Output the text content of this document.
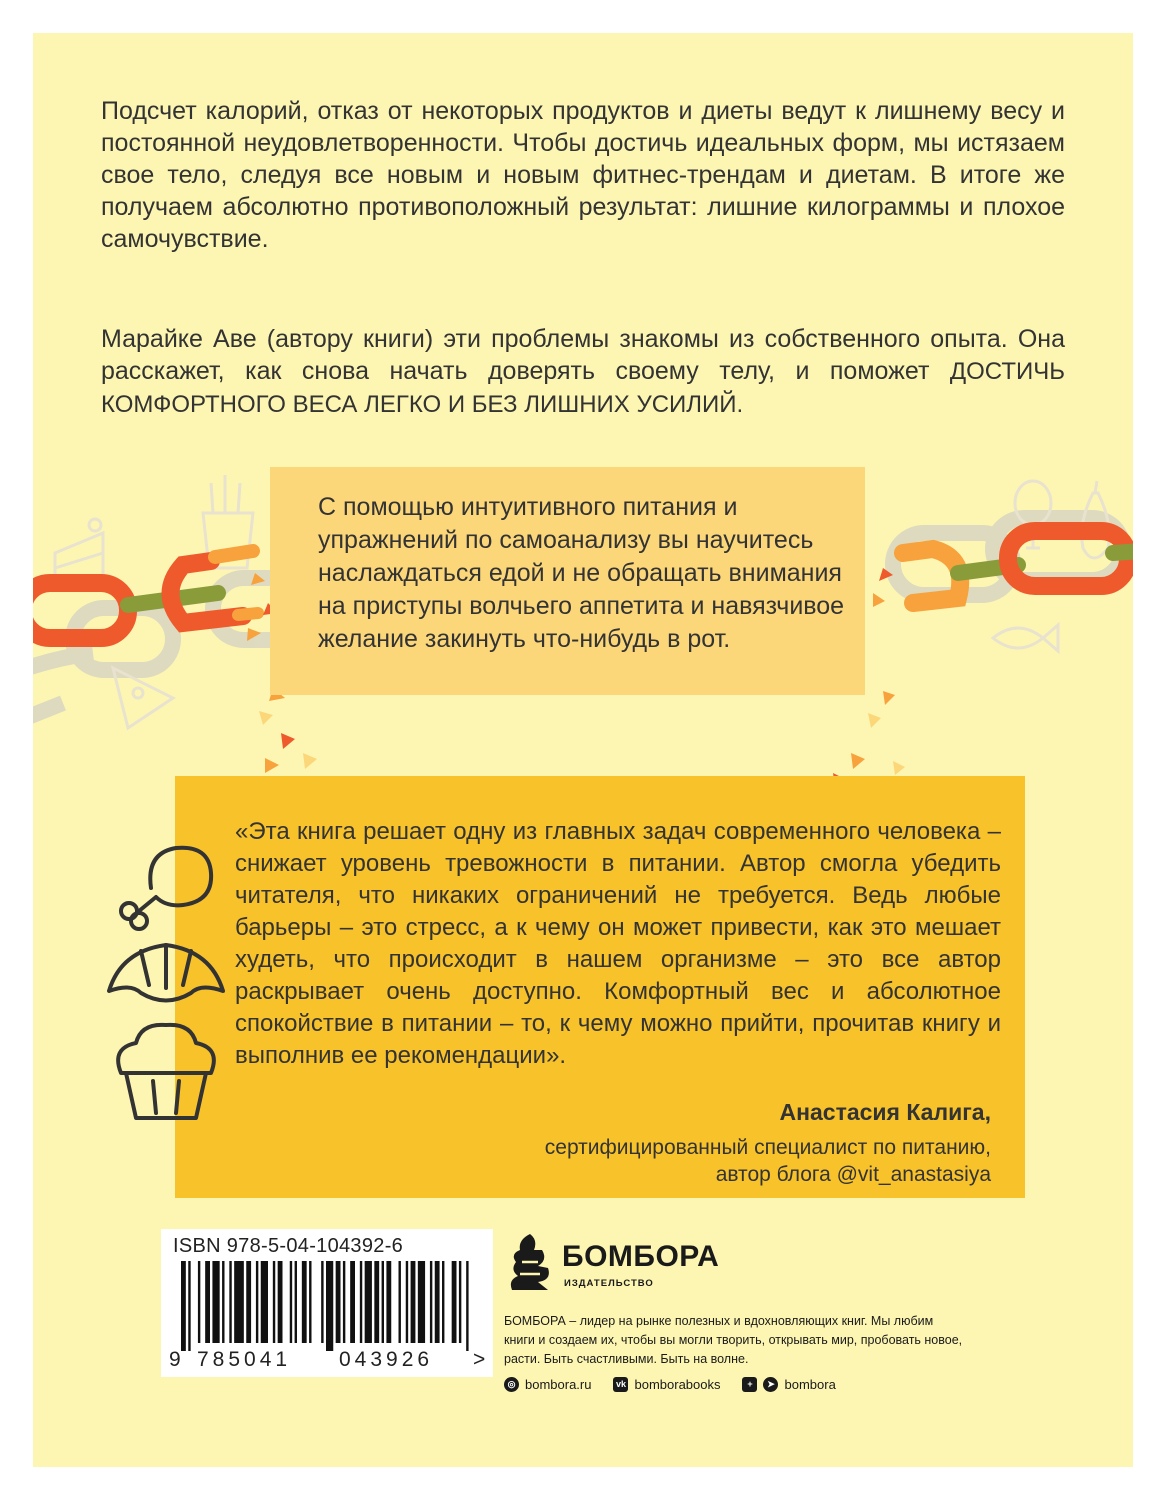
Подсчет калорий, отказ от некоторых продуктов и диеты ведут к лишнему весу и постоянной неудовлетворенности. Чтобы достичь идеальных форм, мы истязаем свое тело, следуя все новым и новым фитнес-трендам и диетам. В итоге же получаем абсолютно противоположный результат: лишние килограммы и плохое самочувствие.

Марайке Аве (автору книги) эти проблемы знакомы из собственного опыта. Она расскажет, как снова начать доверять своему телу, и поможет ДОСТИЧЬ КОМФОРТНОГО ВЕСА ЛЕГКО И БЕЗ ЛИШНИХ УСИЛИЙ.

С помощью интуитивного питания и упражнений по самоанализу вы научитесь наслаждаться едой и не обращать внимания на приступы волчьего аппетита и навязчивое желание закинуть что-нибудь в рот.

«Эта книга решает одну из главных задач современного человека – снижает уровень тревожности в питании. Автор смогла убедить читателя, что никаких ограничений не требуется. Ведь любые барьеры – это стресс, а к чему он может привести, как это мешает худеть, что происходит в нашем организме – это все автор раскрывает очень доступно. Комфортный вес и абсолютное спокойствие в питании – то, к чему можно прийти, прочитав книгу и выполнив ее рекомендации».

Анастасия Калига,
сертифицированный специалист по питанию,
автор блога @vit_anastasiya
ISBN 978-5-04-104392-6
9 785041 043926 >
БОМБОРА
ИЗДАТЕЛЬСТВО

БОМБОРА – лидер на рынке полезных и вдохновляющих книг. Мы любим книги и создаем их, чтобы вы могли творить, открывать мир, пробовать новое, расти. Быть счастливыми. Быть на волне.

◎ bombora.ru	vk bomborabooks	+	➤ bombora
